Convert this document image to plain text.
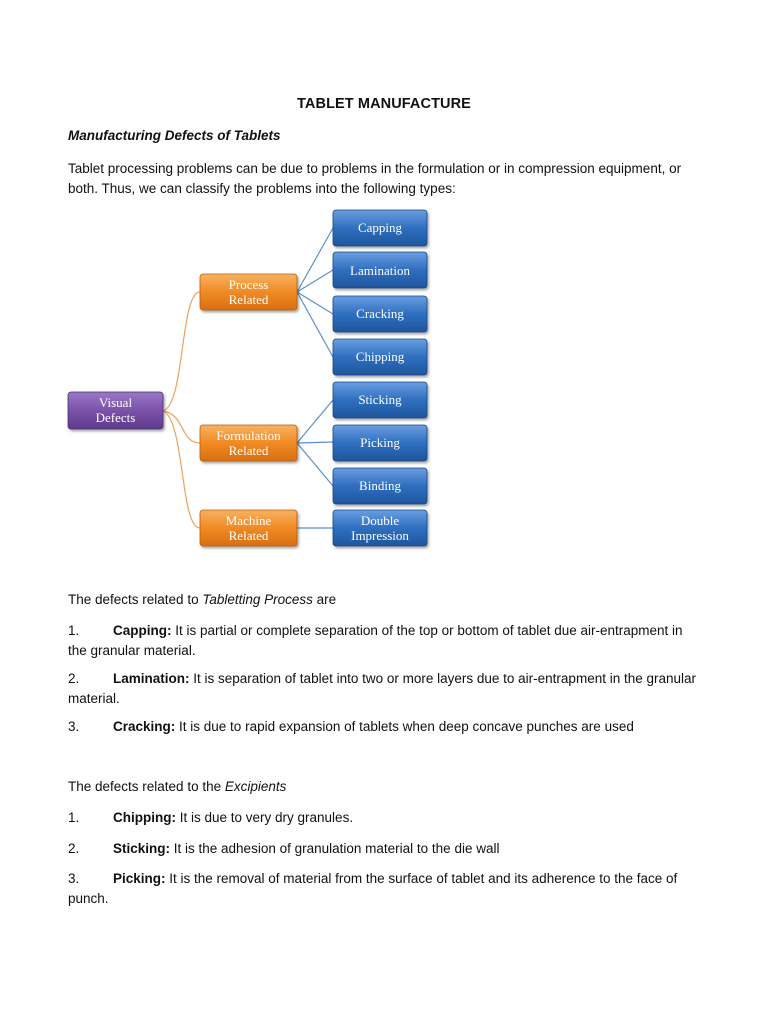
TABLET MANUFACTURE
Manufacturing Defects of Tablets
Tablet processing problems can be due to problems in the formulation or in compression equipment, or both. Thus, we can classify the problems into the following types:
Visual
Defects
Process
Related
Formulation
Related
Machine
Related
Capping
Lamination
Cracking
Chipping
Sticking
Picking
Binding
Double
Impression
The defects related to Tabletting Process are
1. Capping: It is partial or complete separation of the top or bottom of tablet due air-entrapment in the granular material.
2. Lamination: It is separation of tablet into two or more layers due to air-entrapment in the granular material.
3. Cracking: It is due to rapid expansion of tablets when deep concave punches are used
The defects related to the Excipients
1. Chipping: It is due to very dry granules.
2. Sticking: It is the adhesion of granulation material to the die wall
3. Picking: It is the removal of material from the surface of tablet and its adherence to the face of punch.
